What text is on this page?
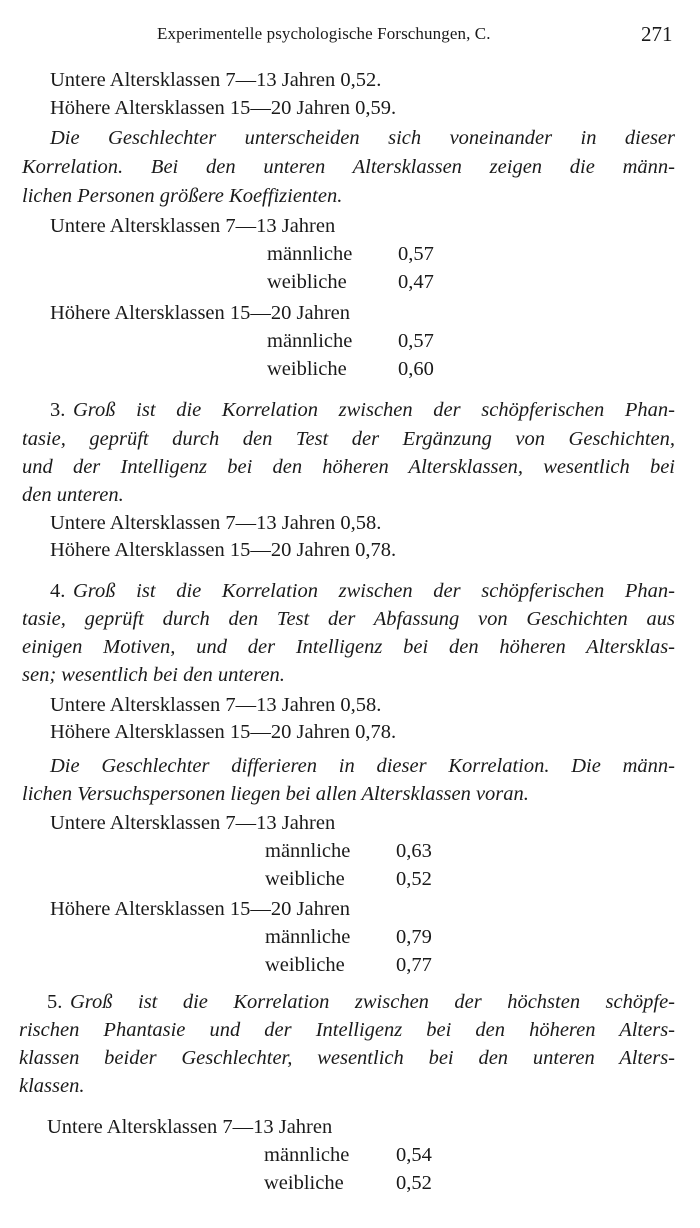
Experimentelle psychologische Forschungen, C.	271
Untere Altersklassen 7—13 Jahren 0,52.
Höhere Altersklassen 15—20 Jahren 0,59.
Die Geschlechter unterscheiden sich voneinander in dieser
Korrelation. Bei den unteren Altersklassen zeigen die männ-
lichen Personen größere Koeffizienten.
Untere Altersklassen 7—13 Jahren
männliche 0,57
weibliche	0,47
Höhere Altersklassen 15—20 Jahren
männliche 0,57
weibliche	0,60
3. Groß ist die Korrelation zwischen der schöpferischen Phan-
tasie, geprüft durch den Test der Ergänzung von Geschichten,
und der Intelligenz bei den höheren Altersklassen, wesentlich bei
den unteren.
Untere Altersklassen 7—13 Jahren 0,58.
Höhere Altersklassen 15—20 Jahren 0,78.
4. Groß ist die Korrelation zwischen der schöpferischen Phan-
tasie, geprüft durch den Test der Abfassung von Geschichten aus
einigen Motiven, und der Intelligenz bei den höheren Altersklas-
sen; wesentlich bei den unteren.
Untere Altersklassen 7—13 Jahren 0,58.
Höhere Altersklassen 15—20 Jahren 0,78.
Die Geschlechter differieren in dieser Korrelation. Die männ-
lichen Versuchspersonen liegen bei allen Altersklassen voran.
Untere Altersklassen 7—13 Jahren
männliche 0,63
weibliche	0,52
Höhere Altersklassen 15—20 Jahren
männliche 0,79
weibliche	0,77
5. Groß ist die Korrelation zwischen der höchsten schöpfe-
rischen Phantasie und der Intelligenz bei den höheren Alters-
klassen beider Geschlechter, wesentlich bei den unteren Alters-
klassen.
Untere Altersklassen 7—13 Jahren
männliche 0,54
weibliche	0,52
